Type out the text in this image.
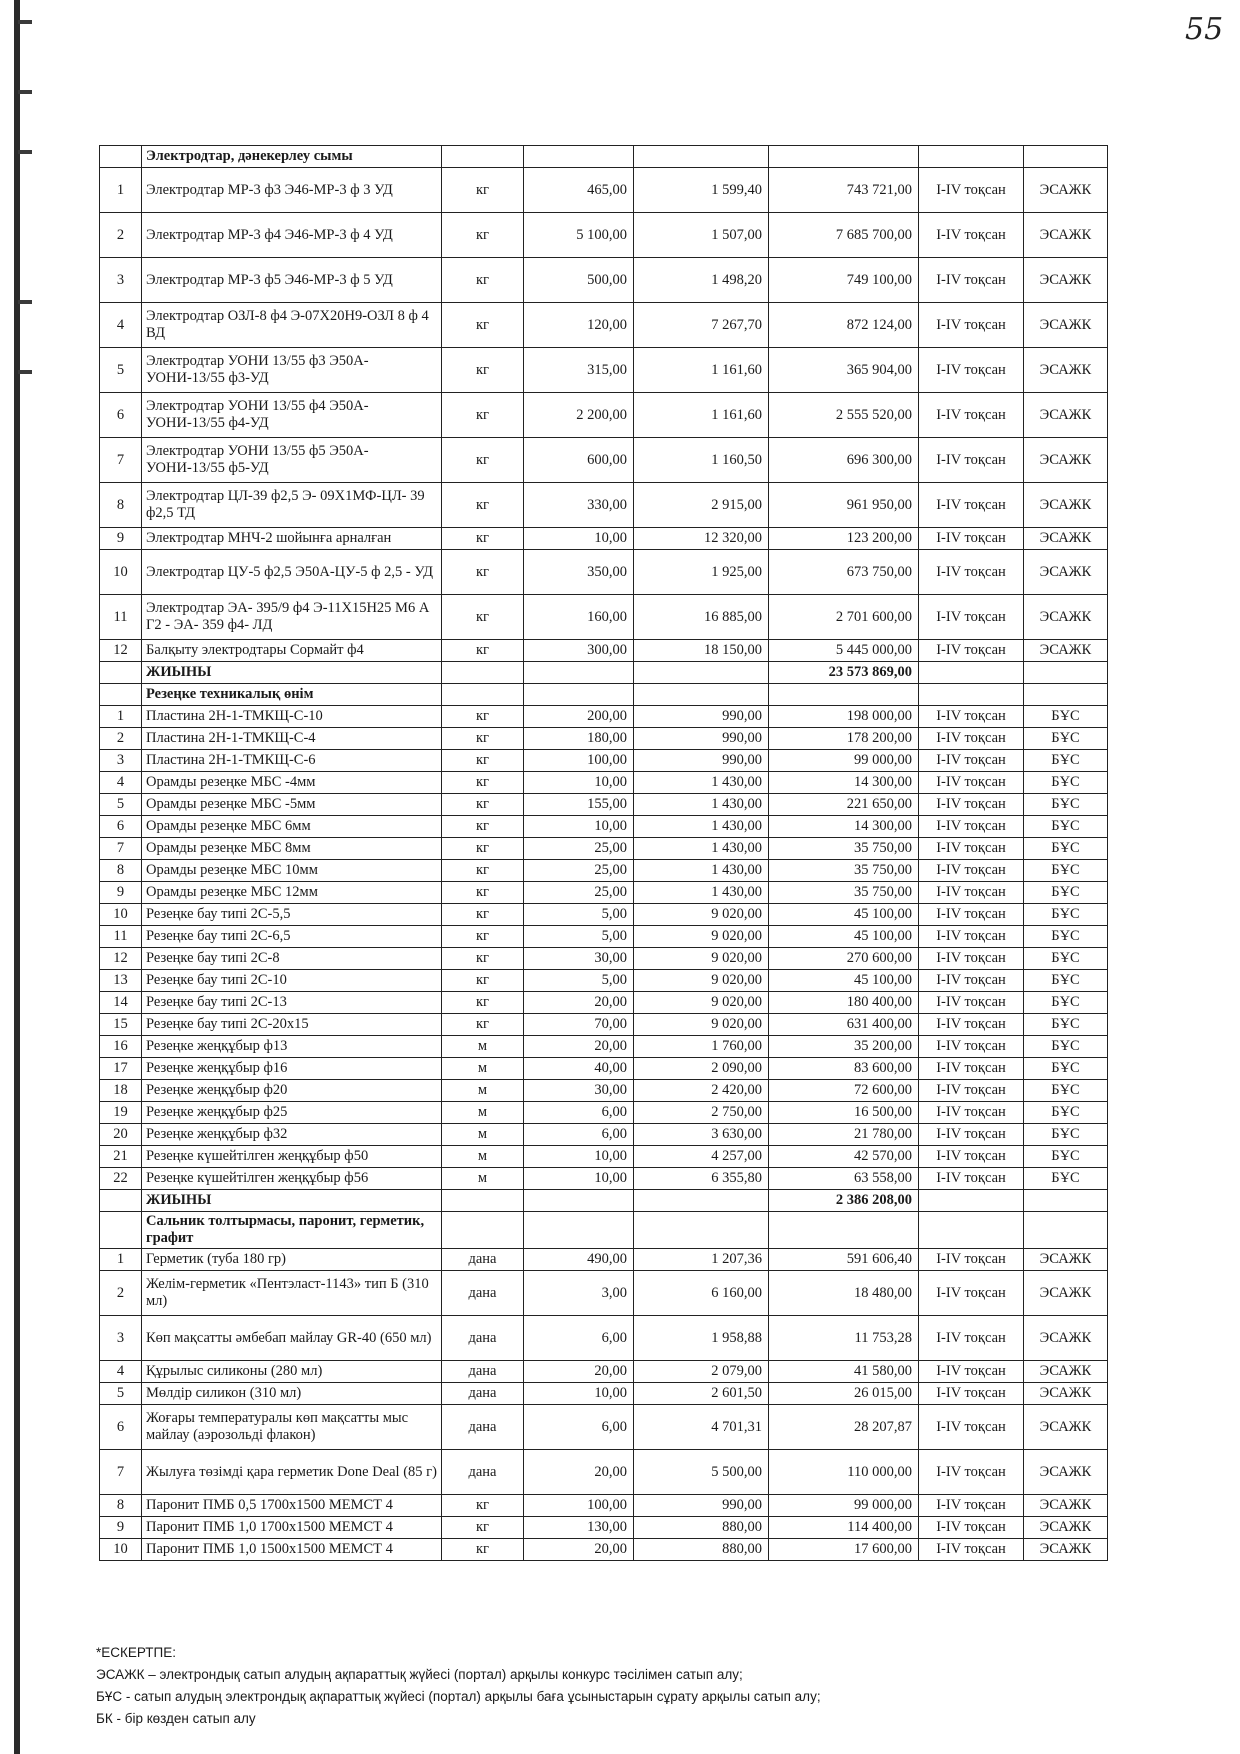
55
	Электродтар, дәнекерлеу сымы						
1	Электродтар МР-3 ф3 Э46-МР-3 ф 3 УД	кг	465,00	1 599,40	743 721,00	I-IV тоқсан	ЭСАЖК
2	Электродтар МР-3 ф4 Э46-МР-3 ф 4 УД	кг	5 100,00	1 507,00	7 685 700,00	I-IV тоқсан	ЭСАЖК
3	Электродтар МР-3 ф5 Э46-МР-3 ф 5 УД	кг	500,00	1 498,20	749 100,00	I-IV тоқсан	ЭСАЖК
4	Электродтар ОЗЛ-8 ф4 Э-07Х20Н9-ОЗЛ 8 ф 4 ВД	кг	120,00	7 267,70	872 124,00	I-IV тоқсан	ЭСАЖК
5	Электродтар УОНИ 13/55 ф3 Э50А-УОНИ-13/55 ф3-УД	кг	315,00	1 161,60	365 904,00	I-IV тоқсан	ЭСАЖК
6	Электродтар УОНИ 13/55 ф4 Э50А-УОНИ-13/55 ф4-УД	кг	2 200,00	1 161,60	2 555 520,00	I-IV тоқсан	ЭСАЖК
7	Электродтар УОНИ 13/55 ф5 Э50А-УОНИ-13/55 ф5-УД	кг	600,00	1 160,50	696 300,00	I-IV тоқсан	ЭСАЖК
8	Электродтар ЦЛ-39 ф2,5 Э- 09Х1МФ-ЦЛ- 39 ф2,5 ТД	кг	330,00	2 915,00	961 950,00	I-IV тоқсан	ЭСАЖК
9	Электродтар МНЧ-2 шойынға арналған	кг	10,00	12 320,00	123 200,00	I-IV тоқсан	ЭСАЖК
10	Электродтар ЦУ-5 ф2,5 Э50А-ЦУ-5 ф 2,5 - УД	кг	350,00	1 925,00	673 750,00	I-IV тоқсан	ЭСАЖК
11	Электродтар ЭА- 395/9 ф4 Э-11Х15Н25 М6 А Г2 - ЭА- 359 ф4- ЛД	кг	160,00	16 885,00	2 701 600,00	I-IV тоқсан	ЭСАЖК
12	Балқыту электродтары Сормайт ф4	кг	300,00	18 150,00	5 445 000,00	I-IV тоқсан	ЭСАЖК
	ЖИЫНЫ				23 573 869,00		
	Резеңке техникалық өнім						
1	Пластина 2Н-1-ТМКЩ-С-10	кг	200,00	990,00	198 000,00	I-IV тоқсан	БҰС
2	Пластина 2Н-1-ТМКЩ-С-4	кг	180,00	990,00	178 200,00	I-IV тоқсан	БҰС
3	Пластина 2Н-1-ТМКЩ-С-6	кг	100,00	990,00	99 000,00	I-IV тоқсан	БҰС
4	Орамды резеңке МБС -4мм	кг	10,00	1 430,00	14 300,00	I-IV тоқсан	БҰС
5	Орамды резеңке МБС -5мм	кг	155,00	1 430,00	221 650,00	I-IV тоқсан	БҰС
6	Орамды резеңке МБС 6мм	кг	10,00	1 430,00	14 300,00	I-IV тоқсан	БҰС
7	Орамды резеңке МБС 8мм	кг	25,00	1 430,00	35 750,00	I-IV тоқсан	БҰС
8	Орамды резеңке МБС 10мм	кг	25,00	1 430,00	35 750,00	I-IV тоқсан	БҰС
9	Орамды резеңке МБС 12мм	кг	25,00	1 430,00	35 750,00	I-IV тоқсан	БҰС
10	Резеңке бау типі 2С-5,5	кг	5,00	9 020,00	45 100,00	I-IV тоқсан	БҰС
11	Резеңке бау типі 2С-6,5	кг	5,00	9 020,00	45 100,00	I-IV тоқсан	БҰС
12	Резеңке бау типі 2С-8	кг	30,00	9 020,00	270 600,00	I-IV тоқсан	БҰС
13	Резеңке бау типі 2С-10	кг	5,00	9 020,00	45 100,00	I-IV тоқсан	БҰС
14	Резеңке бау типі 2С-13	кг	20,00	9 020,00	180 400,00	I-IV тоқсан	БҰС
15	Резеңке бау типі 2С-20х15	кг	70,00	9 020,00	631 400,00	I-IV тоқсан	БҰС
16	Резеңке жеңқұбыр ф13	м	20,00	1 760,00	35 200,00	I-IV тоқсан	БҰС
17	Резеңке жеңқұбыр ф16	м	40,00	2 090,00	83 600,00	I-IV тоқсан	БҰС
18	Резеңке жеңқұбыр ф20	м	30,00	2 420,00	72 600,00	I-IV тоқсан	БҰС
19	Резеңке жеңқұбыр ф25	м	6,00	2 750,00	16 500,00	I-IV тоқсан	БҰС
20	Резеңке жеңқұбыр ф32	м	6,00	3 630,00	21 780,00	I-IV тоқсан	БҰС
21	Резеңке күшейтілген жеңқұбыр ф50	м	10,00	4 257,00	42 570,00	I-IV тоқсан	БҰС
22	Резеңке күшейтілген жеңқұбыр ф56	м	10,00	6 355,80	63 558,00	I-IV тоқсан	БҰС
	ЖИЫНЫ				2 386 208,00		
	Сальник толтырмасы, паронит, герметик, графит						
1	Герметик (туба 180 гр)	дана	490,00	1 207,36	591 606,40	I-IV тоқсан	ЭСАЖК
2	Желім-герметик «Пентэласт-1143» тип Б (310 мл)	дана	3,00	6 160,00	18 480,00	I-IV тоқсан	ЭСАЖК
3	Көп мақсатты әмбебап майлау GR-40 (650 мл)	дана	6,00	1 958,88	11 753,28	I-IV тоқсан	ЭСАЖК
4	Құрылыс силиконы (280 мл)	дана	20,00	2 079,00	41 580,00	I-IV тоқсан	ЭСАЖК
5	Мөлдір силикон (310 мл)	дана	10,00	2 601,50	26 015,00	I-IV тоқсан	ЭСАЖК
6	Жоғары температуралы көп мақсатты мыс майлау (аэрозольді флакон)	дана	6,00	4 701,31	28 207,87	I-IV тоқсан	ЭСАЖК
7	Жылуға төзімді қара герметик Done Deal (85 г)	дана	20,00	5 500,00	110 000,00	I-IV тоқсан	ЭСАЖК
8	Паронит ПМБ 0,5 1700х1500 МЕМСТ 4	кг	100,00	990,00	99 000,00	I-IV тоқсан	ЭСАЖК
9	Паронит ПМБ 1,0 1700х1500 МЕМСТ 4	кг	130,00	880,00	114 400,00	I-IV тоқсан	ЭСАЖК
10	Паронит ПМБ 1,0 1500х1500 МЕМСТ 4	кг	20,00	880,00	17 600,00	I-IV тоқсан	ЭСАЖК
*ЕСКЕРТПЕ:
ЭСАЖК – электрондық сатып алудың ақпараттық жүйесі (портал) арқылы конкурс тәсілімен сатып алу;
БҰС - сатып алудың электрондық ақпараттық жүйесі (портал) арқылы баға ұсыныстарын сұрату арқылы сатып алу;
БК - бір көзден сатып алу
